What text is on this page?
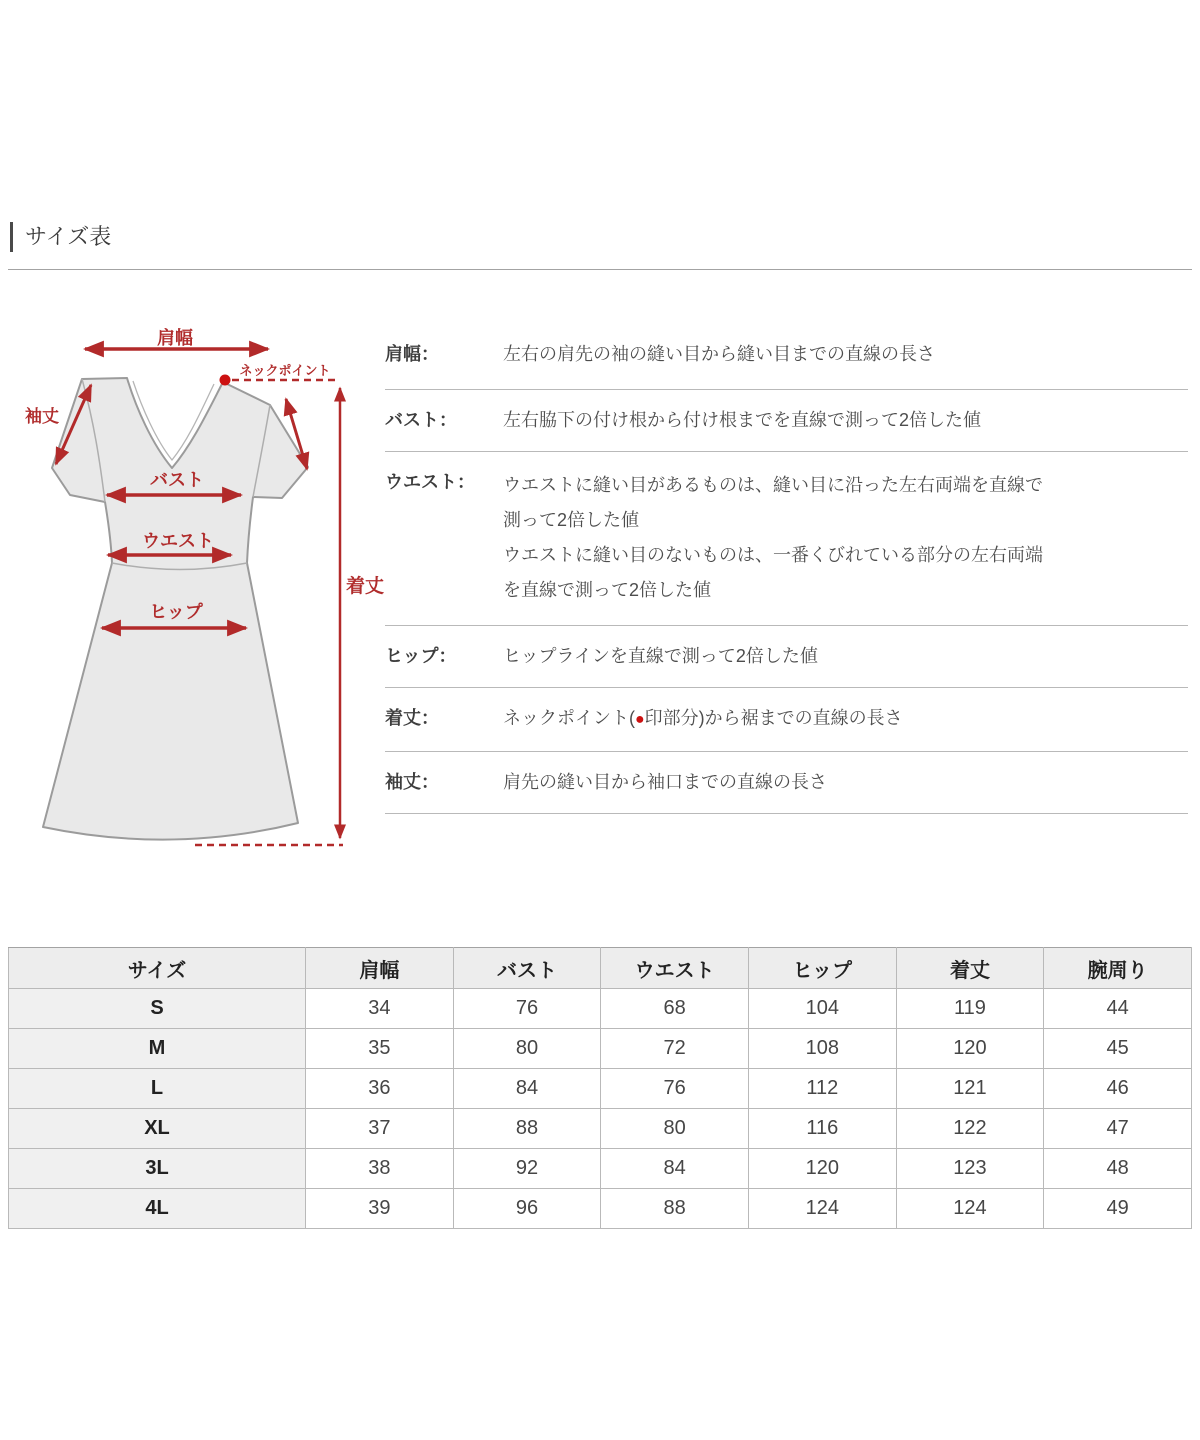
サイズ表
肩幅
ネックポイント
着丈
袖丈
バスト
ウエスト
ヒップ
肩幅：	左右の肩先の袖の縫い目から縫い目までの直線の長さ
バスト：	左右脇下の付け根から付け根までを直線で測って2倍した値
ウエスト：	ウエストに縫い目があるものは、縫い目に沿った左右両端を直線で
測って2倍した値
ウエストに縫い目のないものは、一番くびれている部分の左右両端
を直線で測って2倍した値
ヒップ：	ヒップラインを直線で測って2倍した値
着丈：	ネックポイント(●印部分)から裾までの直線の長さ
袖丈：	肩先の縫い目から袖口までの直線の長さ
サイズ	肩幅	バスト	ウエスト	ヒップ	着丈	腕周り
S	34	76	68	104	119	44
M	35	80	72	108	120	45
L	36	84	76	112	121	46
XL	37	88	80	116	122	47
3L	38	92	84	120	123	48
4L	39	96	88	124	124	49
